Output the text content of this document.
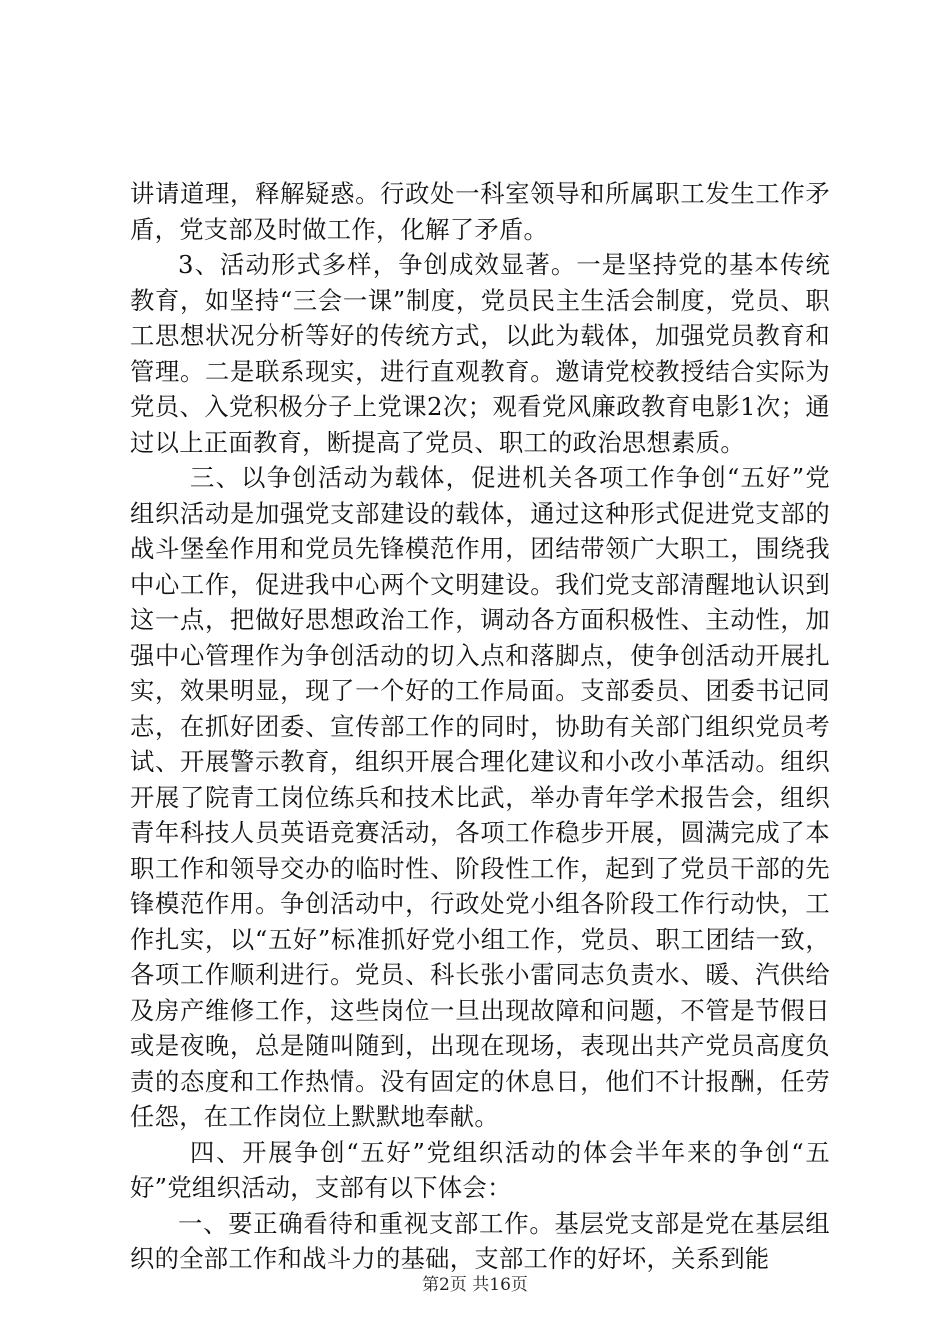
讲请道理，释解疑惑。行政处一科室领导和所属职工发生工作矛盾，党支部及时做工作，化解了矛盾。

3、活动形式多样，争创成效显著。一是坚持党的基本传统教育，如坚持“三会一课”制度，党员民主生活会制度，党员、职工思想状况分析等好的传统方式，以此为载体，加强党员教育和管理。二是联系现实，进行直观教育。邀请党校教授结合实际为党员、入党积极分子上党课2次；观看党风廉政教育电影1次；通过以上正面教育，断提高了党员、职工的政治思想素质。

三、以争创活动为载体，促进机关各项工作争创“五好”党组织活动是加强党支部建设的载体，通过这种形式促进党支部的战斗堡垒作用和党员先锋模范作用，团结带领广大职工，围绕我中心工作，促进我中心两个文明建设。我们党支部清醒地认识到这一点，把做好思想政治工作，调动各方面积极性、主动性，加强中心管理作为争创活动的切入点和落脚点，使争创活动开展扎实，效果明显，现了一个好的工作局面。支部委员、团委书记同志，在抓好团委、宣传部工作的同时，协助有关部门组织党员考试、开展警示教育，组织开展合理化建议和小改小革活动。组织开展了院青工岗位练兵和技术比武，举办青年学术报告会，组织青年科技人员英语竞赛活动，各项工作稳步开展，圆满完成了本职工作和领导交办的临时性、阶段性工作，起到了党员干部的先锋模范作用。争创活动中，行政处党小组各阶段工作行动快，工作扎实，以“五好”标准抓好党小组工作，党员、职工团结一致，各项工作顺利进行。党员、科长张小雷同志负责水、暖、汽供给及房产维修工作，这些岗位一旦出现故障和问题，不管是节假日或是夜晚，总是随叫随到，出现在现场，表现出共产党员高度负责的态度和工作热情。没有固定的休息日，他们不计报酬，任劳任怨，在工作岗位上默默地奉献。

四、开展争创“五好”党组织活动的体会半年来的争创“五好”党组织活动，支部有以下体会：

一、要正确看待和重视支部工作。基层党支部是党在基层组织的全部工作和战斗力的基础，支部工作的好坏，关系到能

第2页 共16页
